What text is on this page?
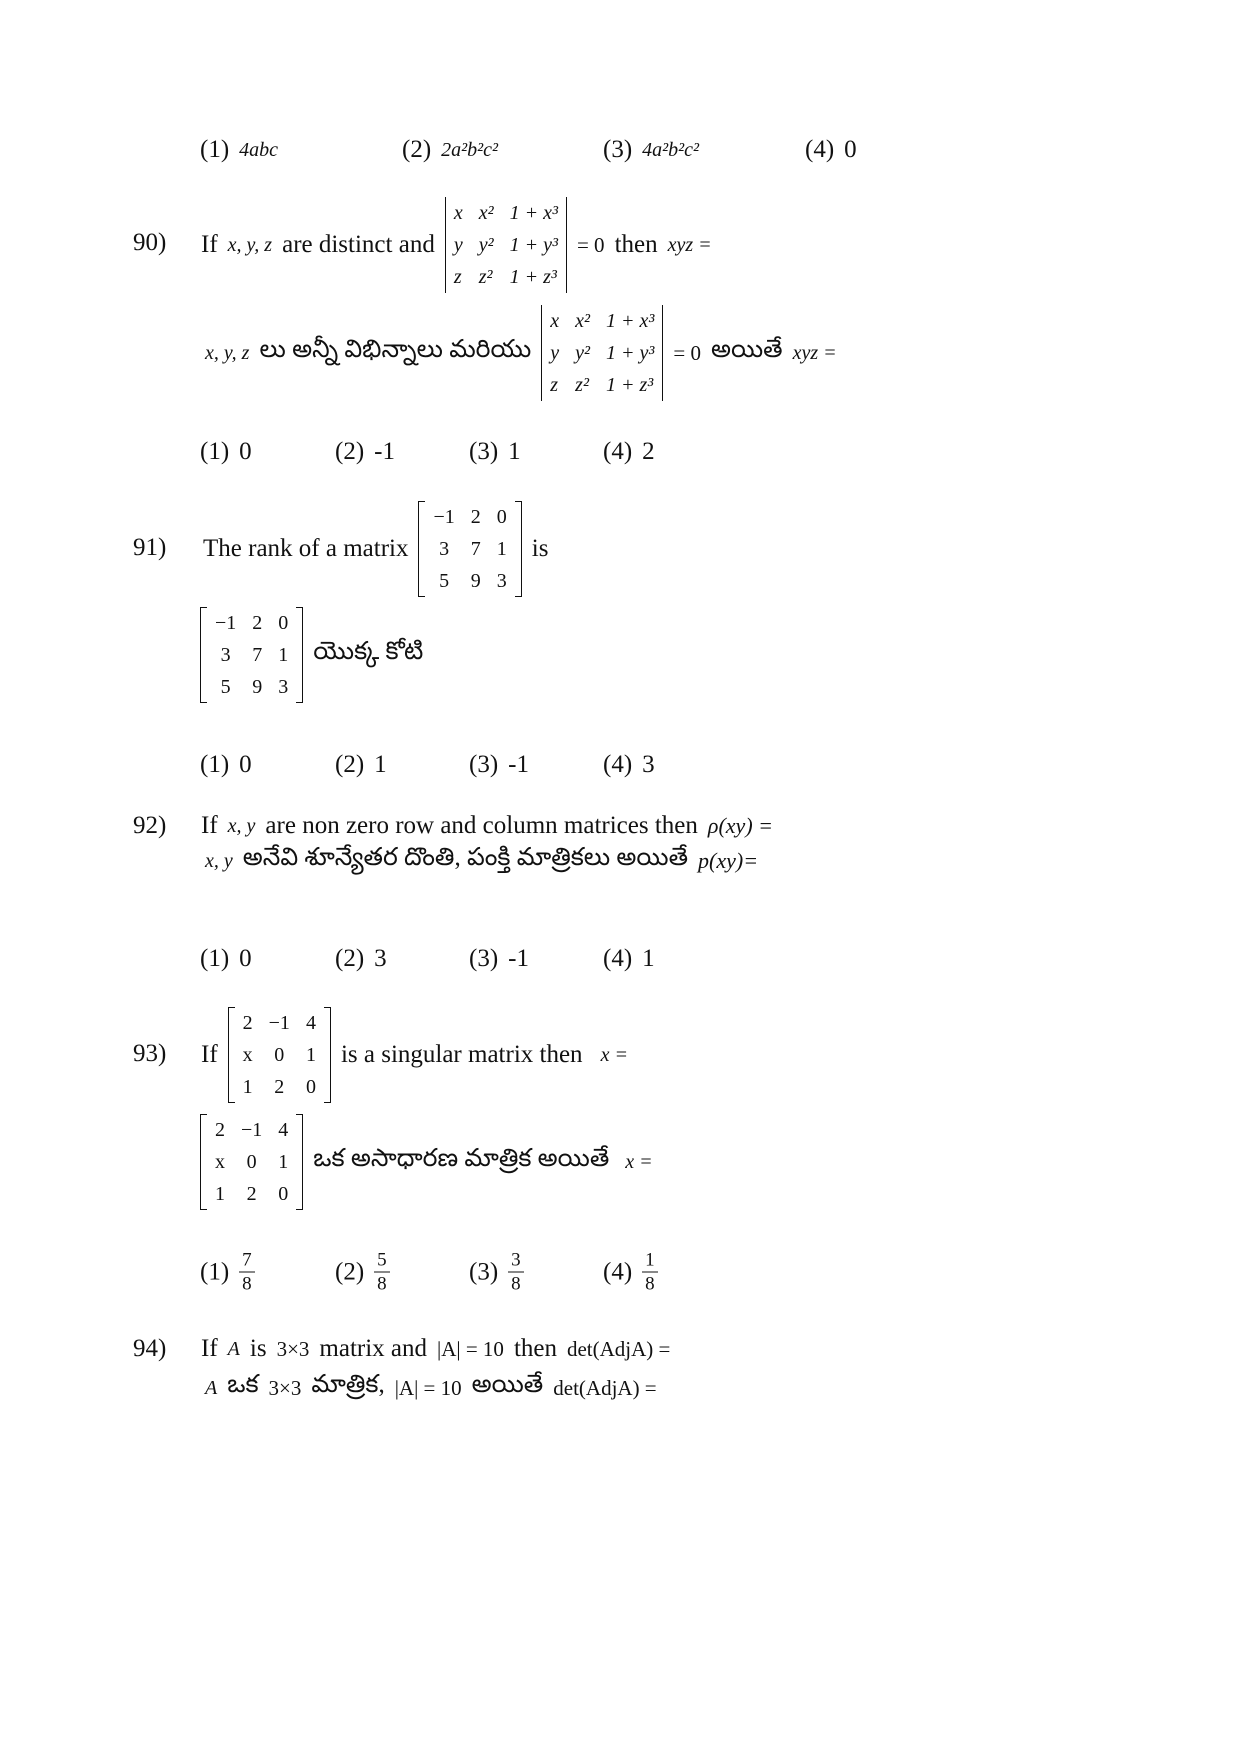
(1) 4abc	(2) 2a²b²c²	(3) 4a²b²c²	(4) 0
90) If x, y, z are distinct and
x x² 1 + x³
y y² 1 + y³
z z² 1 + z³
= 0 then xyz =
x, y, z లు అన్నీ విభిన్నాలు మరియు
x x² 1 + x³
y y² 1 + y³
z z² 1 + z³
= 0 అయితే xyz =
(1) 0	(2) -1	(3) 1	(4) 2
91) The rank of a matrix
−1 2 0
3 7 1
5 9 3
is
−1 2 0
3 7 1
5 9 3
యొక్క కోటి
(1) 0	(2) 1	(3) -1	(4) 3
92) If x, y are non zero row and column matrices then ρ(xy) =
x, y అనేవి శూన్యేతర దొంతి, పంక్తి మాత్రికలు అయితే p(xy)=
(1) 0	(2) 3	(3) -1	(4) 1
93) If
2 −1 4
x 0 1
1 2 0
is a singular matrix then x =
2 −1 4
x 0 1
1 2 0
ఒక అసాధారణ మాత్రిక అయితే x =
$(1) \frac{7}{8}$	$(2) \frac{5}{8}$	$(3) \frac{3}{8}$	$(4) \frac{1}{8}$
94) If A is 3×3 matrix and |A| = 10 then det(AdjA) =
A ఒక 3×3 మాత్రిక, |A| = 10 అయితే det(AdjA) =
